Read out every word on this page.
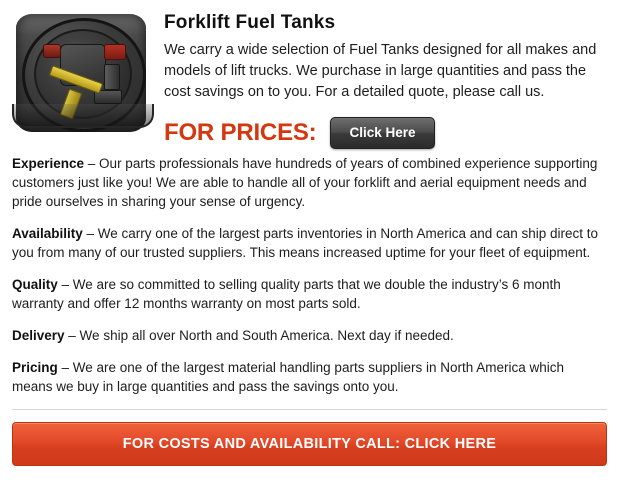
Forklift Fuel Tanks

We carry a wide selection of Fuel Tanks designed for all makes and models of lift trucks. We purchase in large quantities and pass the cost savings on to you. For a detailed quote, please call us.

FOR PRICES:	Click Here

Experience – Our parts professionals have hundreds of years of combined experience supporting customers just like you! We are able to handle all of your forklift and aerial equipment needs and pride ourselves in sharing your sense of urgency.

Availability – We carry one of the largest parts inventories in North America and can ship direct to you from many of our trusted suppliers. This means increased uptime for your fleet of equipment.

Quality – We are so committed to selling quality parts that we double the industry’s 6 month warranty and offer 12 months warranty on most parts sold.

Delivery – We ship all over North and South America. Next day if needed.

Pricing – We are one of the largest material handling parts suppliers in North America which means we buy in large quantities and pass the savings onto you.

FOR COSTS AND AVAILABILITY CALL: CLICK HERE
